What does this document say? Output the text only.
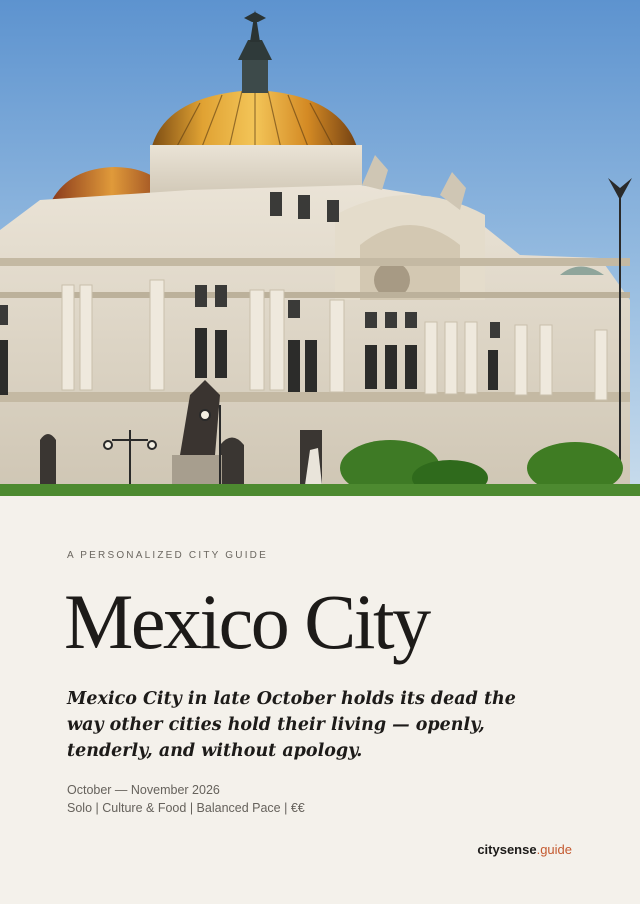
A PERSONALIZED CITY GUIDE
Mexico City
Mexico City in late October holds its dead the way other cities hold their living — openly, tenderly, and without apology.
October — November 2026
Solo | Culture & Food | Balanced Pace | €€
citysense.guide
